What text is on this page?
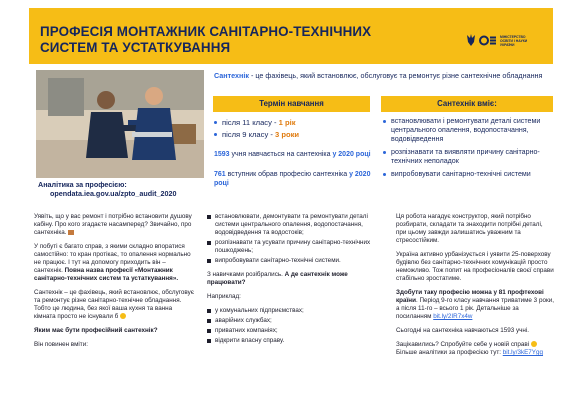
ПРОФЕСІЯ МОНТАЖНИК САНІТАРНО-ТЕХНІЧНИХ СИСТЕМ ТА УСТАТКУВАННЯ
МІНІСТЕРСТВО ОСВІТИ І НАУКИ УКРАЇНИ
Аналітика за професією:
opendata.iea.gov.ua/zpto_audit_2020
Сантехнік - це фахівець, який встановлює, обслуговує та ремонтує різне сантехнічне обладнання
Термін навчання
після 11 класу - 1 рік
після 9 класу - 3 роки
1593 учня навчається на сантехніка у 2020 році
761 вступник обрав професію сантехніка у 2020 році
Сантехнік вміє:
встановлювати і ремонтувати деталі системи центрального опалення, водопостачання, водовідведення
розпізнавати та виявляти причину санітарно-технічних неполадок
випробовувати санітарно-технічні системи

Уявіть, що у вас ремонт і потрібно встановити душову кабіну. Про кого згадаєте насамперед? Звичайно, про сантехніка.

У побуті є багато справ, з якими складно впоратися самостійно: то кран протікає, то опалення нормально не працює. І тут на допомогу приходить він – сантехнік. Повна назва професії «Монтажник санітарно-технічних систем та устаткування».

Сантехнік – це фахівець, який встановлює, обслуговує та ремонтує різне санітарно-технічне обладнання. Тобто це людина, без якої ваша кухня та ванна кімната просто не існували б

Яким має бути професійний сантехнік?

Він повинен вміти:

встановлювати, демонтувати та ремонтувати деталі системи центрального опалення, водопостачання, водовідведення та водостоків;
розпізнавати та усувати причину санітарно-технічних пошкоджень;
випробовувати санітарно-технічні системи.

З навичками розібрались. А де сантехнік може працювати?

Наприклад:

у комунальних підприємствах;
аварійних службах;
приватних компаніях;
відкрити власну справу.

Ця робота нагадує конструктор, який потрібно розбирати, складати та знаходити потрібні деталі, при цьому завжди залишатись уважним та стресостійким.

Україна активно урбанізується і уявити 25-поверхову будівлю без санітарно-технічних комунікацій просто неможливо. Тож попит на професіоналів своєї справи стабільно зростатиме.

Здобути таку професію можна у 81 профтехові країни. Період 9-го класу навчання триватиме 3 роки, а після 11-го – всього 1 рік. Детальніше за посиланням bit.ly/2IR7x4w

Сьогодні на сантехніка навчаються 1593 учні.

Зацікавились? Спробуйте себе у новій справі  Більше аналітики за професією тут: bit.ly/3kE7Ygg
